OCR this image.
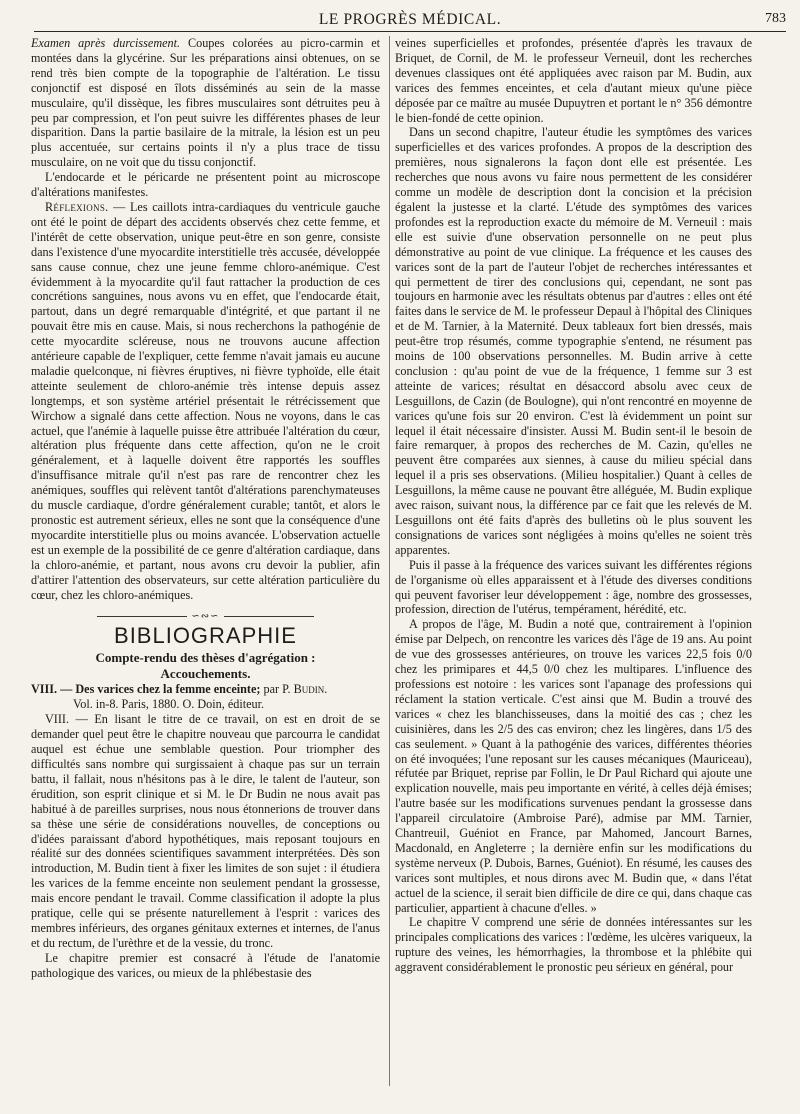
LE PROGRÈS MÉDICAL.	783

Examen après durcissement. Coupes colorées au picro-carmin et montées dans la glycérine. Sur les préparations ainsi obtenues, on se rend très bien compte de la topographie de l'altération. Le tissu conjonctif est disposé en îlots disséminés au sein de la masse musculaire, qu'il dissèque, les fibres musculaires sont détruites peu à peu par compression, et l'on peut suivre les différentes phases de leur disparition. Dans la partie basilaire de la mitrale, la lésion est un peu plus accentuée, sur certains points il n'y a plus trace de tissu musculaire, on ne voit que du tissu conjonctif.

L'endocarde et le péricarde ne présentent point au microscope d'altérations manifestes.

Réflexions. — Les caillots intra-cardiaques du ventricule gauche ont été le point de départ des accidents observés chez cette femme, et l'intérêt de cette observation, unique peut-être en son genre, consiste dans l'existence d'une myocardite interstitielle très accusée, développée sans cause connue, chez une jeune femme chloro-anémique. C'est évidemment à la myocardite qu'il faut rattacher la production de ces concrétions sanguines, nous avons vu en effet, que l'endocarde était, partout, dans un degré remarquable d'intégrité, et que partant il ne pouvait être mis en cause. Mais, si nous recherchons la pathogénie de cette myocardite scléreuse, nous ne trouvons aucune affection antérieure capable de l'expliquer, cette femme n'avait jamais eu aucune maladie quelconque, ni fièvres éruptives, ni fièvre typhoïde, elle était atteinte seulement de chloro-anémie très intense depuis assez longtemps, et son système artériel présentait le rétrécissement que Wirchow a signalé dans cette affection. Nous ne voyons, dans le cas actuel, que l'anémie à laquelle puisse être attribuée l'altération du cœur, altération plus fréquente dans cette affection, qu'on ne le croit généralement, et à laquelle doivent être rapportés les souffles d'insuffisance mitrale qu'il n'est pas rare de rencontrer chez les anémiques, souffles qui relèvent tantôt d'altérations parenchymateuses du muscle cardiaque, d'ordre généralement curable; tantôt, et alors le pronostic est autrement sérieux, elles ne sont que la conséquence d'une myocardite interstitielle plus ou moins avancée. L'observation actuelle est un exemple de la possibilité de ce genre d'altération cardiaque, dans la chloro-anémie, et partant, nous avons cru devoir la publier, afin d'attirer l'attention des observateurs, sur cette altération particulière du cœur, chez les chloro-anémiques.

∽∾∽
BIBLIOGRAPHIE
Compte-rendu des thèses d'agrégation :
Accouchements.

VIII. — Des varices chez la femme enceinte; par P. Budin.
Vol. in-8. Paris, 1880. O. Doin, éditeur.

VIII. — En lisant le titre de ce travail, on est en droit de se demander quel peut être le chapitre nouveau que parcourra le candidat auquel est échue une semblable question. Pour triompher des difficultés sans nombre qui surgissaient à chaque pas sur un terrain battu, il fallait, nous n'hésitons pas à le dire, le talent de l'auteur, son érudition, son esprit clinique et si M. le Dr Budin ne nous avait pas habitué à de pareilles surprises, nous nous étonnerions de trouver dans sa thèse une série de considérations nouvelles, de conceptions ou d'idées paraissant d'abord hypothétiques, mais reposant toujours en réalité sur des données scientifiques savamment interprétées. Dès son introduction, M. Budin tient à fixer les limites de son sujet : il étudiera les varices de la femme enceinte non seulement pendant la grossesse, mais encore pendant le travail. Comme classification il adopte la plus pratique, celle qui se présente naturellement à l'esprit : varices des membres inférieurs, des organes génitaux externes et internes, de l'anus et du rectum, de l'urèthre et de la vessie, du tronc.

Le chapitre premier est consacré à l'étude de l'anatomie pathologique des varices, ou mieux de la phlébestasie des

veines superficielles et profondes, présentée d'après les travaux de Briquet, de Cornil, de M. le professeur Verneuil, dont les recherches devenues classiques ont été appliquées avec raison par M. Budin, aux varices des femmes enceintes, et cela d'autant mieux qu'une pièce déposée par ce maître au musée Dupuytren et portant le n° 356 démontre le bien-fondé de cette opinion.

Dans un second chapitre, l'auteur étudie les symptômes des varices superficielles et des varices profondes. A propos de la description des premières, nous signalerons la façon dont elle est présentée. Les recherches que nous avons vu faire nous permettent de les considérer comme un modèle de description dont la concision et la précision égalent la justesse et la clarté. L'étude des symptômes des varices profondes est la reproduction exacte du mémoire de M. Verneuil : mais elle est suivie d'une observation personnelle on ne peut plus démonstrative au point de vue clinique. La fréquence et les causes des varices sont de la part de l'auteur l'objet de recherches intéressantes et qui permettent de tirer des conclusions qui, cependant, ne sont pas toujours en harmonie avec les résultats obtenus par d'autres : elles ont été faites dans le service de M. le professeur Depaul à l'hôpital des Cliniques et de M. Tarnier, à la Maternité. Deux tableaux fort bien dressés, mais peut-être trop résumés, comme typographie s'entend, ne résument pas moins de 100 observations personnelles. M. Budin arrive à cette conclusion : qu'au point de vue de la fréquence, 1 femme sur 3 est atteinte de varices; résultat en désaccord absolu avec ceux de Lesguillons, de Cazin (de Boulogne), qui n'ont rencontré en moyenne de varices qu'une fois sur 20 environ. C'est là évidemment un point sur lequel il était nécessaire d'insister. Aussi M. Budin sent-il le besoin de faire remarquer, à propos des recherches de M. Cazin, qu'elles ne peuvent être comparées aux siennes, à cause du milieu spécial dans lequel il a pris ses observations. (Milieu hospitalier.) Quant à celles de Lesguillons, la même cause ne pouvant être alléguée, M. Budin explique avec raison, suivant nous, la différence par ce fait que les relevés de M. Lesguillons ont été faits d'après des bulletins où le plus souvent les consignations de varices sont négligées à moins qu'elles ne soient très apparentes.

Puis il passe à la fréquence des varices suivant les différentes régions de l'organisme où elles apparaissent et à l'étude des diverses conditions qui peuvent favoriser leur développement : âge, nombre des grossesses, profession, direction de l'utérus, tempérament, hérédité, etc.

A propos de l'âge, M. Budin a noté que, contrairement à l'opinion émise par Delpech, on rencontre les varices dès l'âge de 19 ans. Au point de vue des grossesses antérieures, on trouve les varices 22,5 fois 0/0 chez les primipares et 44,5 0/0 chez les multipares. L'influence des professions est notoire : les varices sont l'apanage des professions qui réclament la station verticale. C'est ainsi que M. Budin a trouvé des varices « chez les blanchisseuses, dans la moitié des cas ; chez les cuisinières, dans les 2/5 des cas environ; chez les lingères, dans 1/5 des cas seulement. » Quant à la pathogénie des varices, différentes théories on été invoquées; l'une reposant sur les causes mécaniques (Mauriceau), réfutée par Briquet, reprise par Follin, le Dr Paul Richard qui ajoute une explication nouvelle, mais peu importante en vérité, à celles déjà émises; l'autre basée sur les modifications survenues pendant la grossesse dans l'appareil circulatoire (Ambroise Paré), admise par MM. Tarnier, Chantreuil, Guéniot en France, par Mahomed, Jancourt Barnes, Macdonald, en Angleterre ; la dernière enfin sur les modifications du système nerveux (P. Dubois, Barnes, Guéniot). En résumé, les causes des varices sont multiples, et nous dirons avec M. Budin que, « dans l'état actuel de la science, il serait bien difficile de dire ce qui, dans chaque cas particulier, appartient à chacune d'elles. »

Le chapitre V comprend une série de données intéressantes sur les principales complications des varices : l'œdème, les ulcères variqueux, la rupture des veines, les hémorrhagies, la thrombose et la phlébite qui aggravent considérablement le pronostic peu sérieux en général, pour
